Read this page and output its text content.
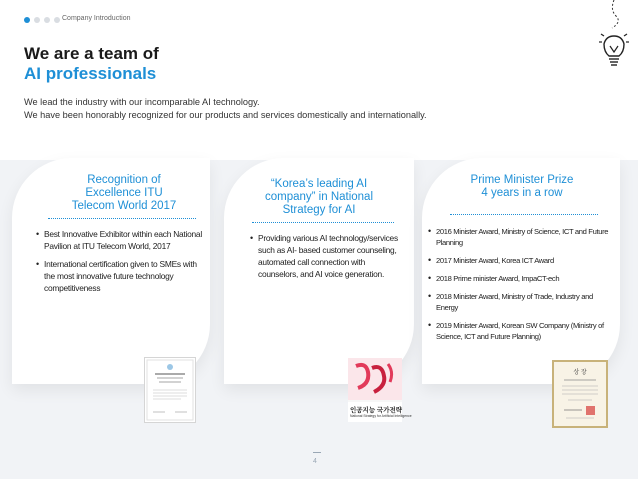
Company Introduction
We are a team of
AI professionals
We lead the industry with our incomparable AI technology.
We have been honorably recognized for our products and services domestically and internationally.
Recognition of
Excellence ITU
Telecom World 2017
• Best Innovative Exhibitor within each National Pavilion at ITU Telecom World, 2017
• International certification given to SMEs with the most innovative future technology competitiveness
“Korea’s leading AI
company” in National
Strategy for AI
• Providing various AI technology/services such as AI- based customer counseling, automated call connection with counselors, and AI voice generation.
Prime Minister Prize
4 years in a row
• 2016 Minister Award, Ministry of Science, ICT and Future Planning
• 2017 Minister Award, Korea ICT Award
• 2018 Prime minister Award, ImpaCT-ech
• 2018 Minister Award, Ministry of Trade, Industry and Energy
• 2019 Minister Award, Korean SW Company (Ministry of Science, ICT and Future Planning)
인공지능 국가전략
National Strategy for Artificial Intelligence
상 장
4
